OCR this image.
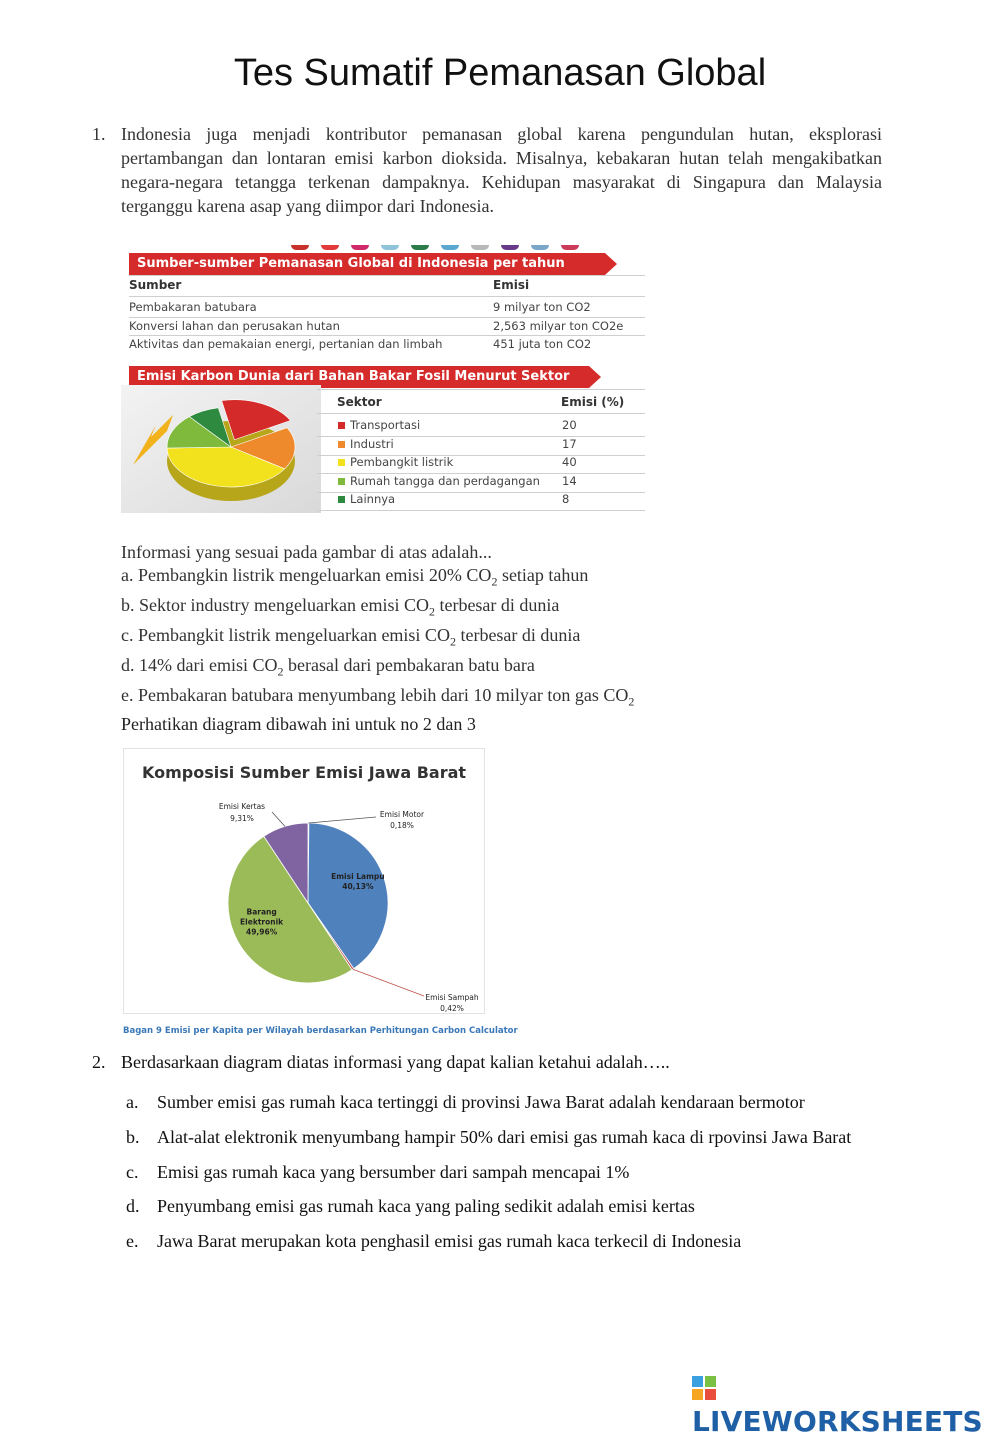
Tes Sumatif Pemanasan Global
1. Indonesia juga menjadi kontributor pemanasan global karena pengundulan hutan, eksplorasi pertambangan dan lontaran emisi karbon dioksida. Misalnya, kebakaran hutan telah mengakibatkan negara-negara tetangga terkenan dampaknya. Kehidupan masyarakat di Singapura dan Malaysia terganggu karena asap yang diimpor dari Indonesia.
Sumber-sumber Pemanasan Global di Indonesia per tahun
Sumber	Emisi
Pembakaran batubara	9 milyar ton CO2
Konversi lahan dan perusakan hutan	2,563 milyar ton CO2e
Aktivitas dan pemakaian energi, pertanian dan limbah	451 juta ton CO2
Emisi Karbon Dunia dari Bahan Bakar Fosil Menurut Sektor
Sektor	Emisi (%)
Transportasi	20
Industri	17
Pembangkit listrik	40
Rumah tangga dan perdagangan 14
Lainnya	8
Informasi yang sesuai pada gambar di atas adalah...
a. Pembangkin listrik mengeluarkan emisi 20% $CO_2$ setiap tahun
b. Sektor industry mengeluarkan emisi $CO_2$ terbesar di dunia
c. Pembangkit listrik mengeluarkan emisi $CO_2$ terbesar di dunia
d. 14% dari emisi $CO_2$ berasal dari pembakaran batu bara
e. Pembakaran batubara menyumbang lebih dari 10 milyar ton gas $CO_2$
Perhatikan diagram dibawah ini untuk no 2 dan 3
Komposisi Sumber Emisi Jawa Barat
Emisi Motor
0,18%
Emisi Lampu
40,13%
Emisi Sampah
0,42%
Barang
Elektronik
49,96%
Emisi Kertas
9,31%
Bagan 9 Emisi per Kapita per Wilayah berdasarkan Perhitungan Carbon Calculator
2. Berdasarkaan diagram diatas informasi yang dapat kalian ketahui adalah…..
a. Sumber emisi gas rumah kaca tertinggi di provinsi Jawa Barat adalah kendaraan bermotor
b. Alat-alat elektronik menyumbang hampir 50% dari emisi gas rumah kaca di rpovinsi Jawa Barat
c. Emisi gas rumah kaca yang bersumber dari sampah mencapai 1%
d. Penyumbang emisi gas rumah kaca yang paling sedikit adalah emisi kertas
e. Jawa Barat merupakan kota penghasil emisi gas rumah kaca terkecil di Indonesia
LIVEWORKSHEETS
